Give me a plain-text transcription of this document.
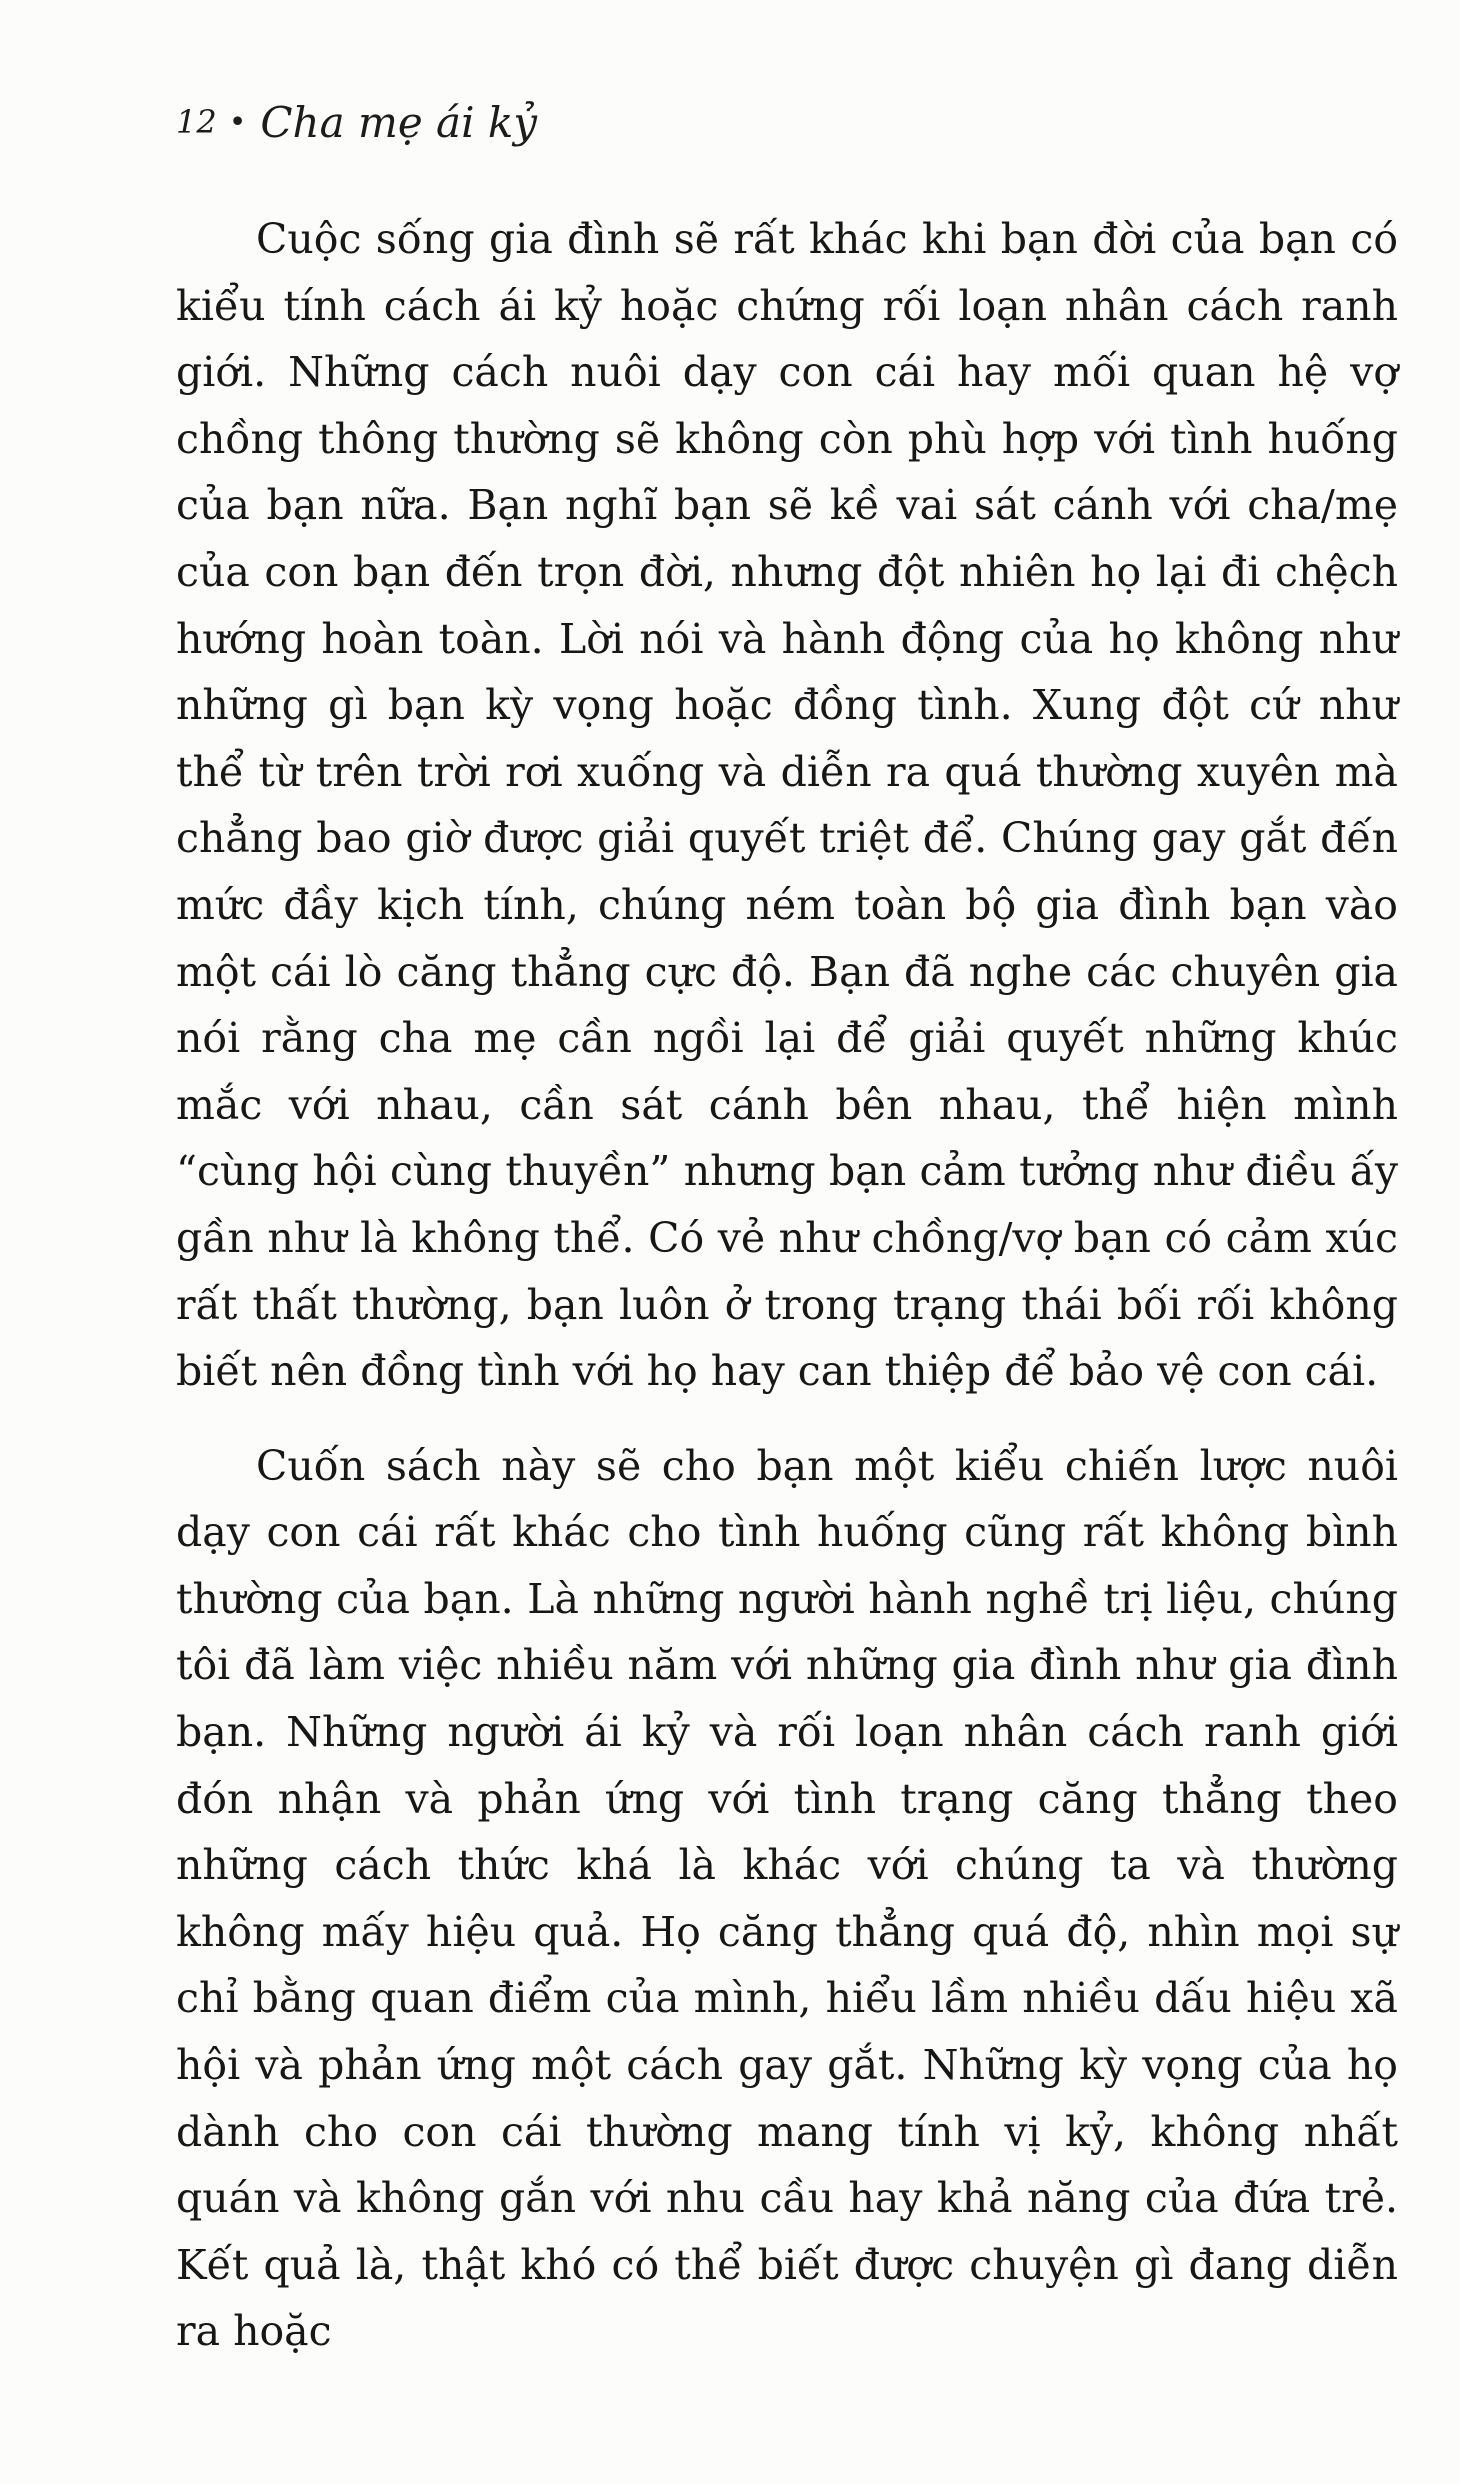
12 • Cha mẹ ái kỷ

Cuộc sống gia đình sẽ rất khác khi bạn đời của bạn có kiểu tính cách ái kỷ hoặc chứng rối loạn nhân cách ranh giới. Những cách nuôi dạy con cái hay mối quan hệ vợ chồng thông thường sẽ không còn phù hợp với tình huống của bạn nữa. Bạn nghĩ bạn sẽ kề vai sát cánh với cha/mẹ của con bạn đến trọn đời, nhưng đột nhiên họ lại đi chệch hướng hoàn toàn. Lời nói và hành động của họ không như những gì bạn kỳ vọng hoặc đồng tình. Xung đột cứ như thể từ trên trời rơi xuống và diễn ra quá thường xuyên mà chẳng bao giờ được giải quyết triệt để. Chúng gay gắt đến mức đầy kịch tính, chúng ném toàn bộ gia đình bạn vào một cái lò căng thẳng cực độ. Bạn đã nghe các chuyên gia nói rằng cha mẹ cần ngồi lại để giải quyết những khúc mắc với nhau, cần sát cánh bên nhau, thể hiện mình “cùng hội cùng thuyền” nhưng bạn cảm tưởng như điều ấy gần như là không thể. Có vẻ như chồng/vợ bạn có cảm xúc rất thất thường, bạn luôn ở trong trạng thái bối rối không biết nên đồng tình với họ hay can thiệp để bảo vệ con cái.

Cuốn sách này sẽ cho bạn một kiểu chiến lược nuôi dạy con cái rất khác cho tình huống cũng rất không bình thường của bạn. Là những người hành nghề trị liệu, chúng tôi đã làm việc nhiều năm với những gia đình như gia đình bạn. Những người ái kỷ và rối loạn nhân cách ranh giới đón nhận và phản ứng với tình trạng căng thẳng theo những cách thức khá là khác với chúng ta và thường không mấy hiệu quả. Họ căng thẳng quá độ, nhìn mọi sự chỉ bằng quan điểm của mình, hiểu lầm nhiều dấu hiệu xã hội và phản ứng một cách gay gắt. Những kỳ vọng của họ dành cho con cái thường mang tính vị kỷ, không nhất quán và không gắn với nhu cầu hay khả năng của đứa trẻ. Kết quả là, thật khó có thể biết được chuyện gì đang diễn ra hoặc
